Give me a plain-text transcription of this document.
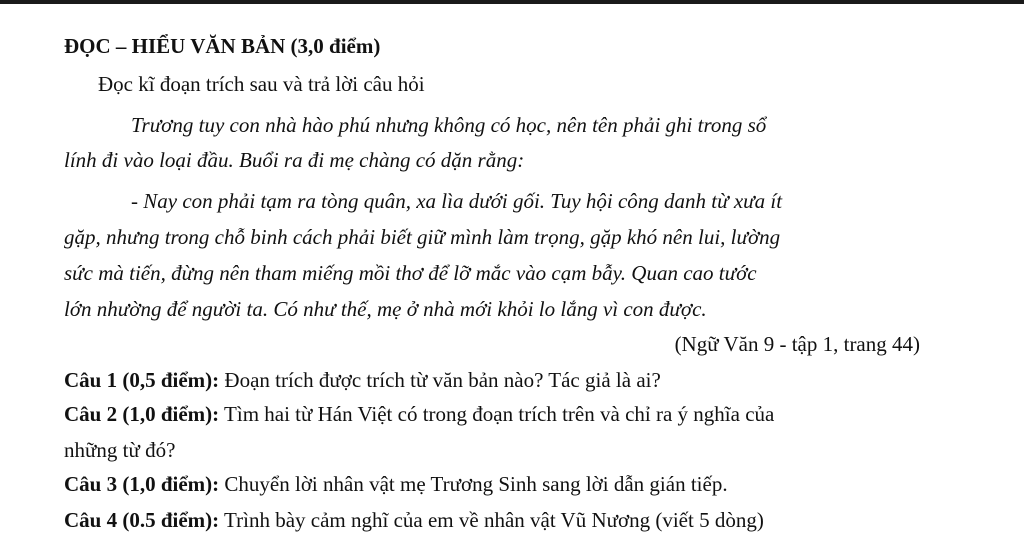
ĐỌC – HIỂU VĂN BẢN (3,0 điểm)
Đọc kĩ đoạn trích sau và trả lời câu hỏi
Trương tuy con nhà hào phú nhưng không có học, nên tên phải ghi trong sổ
lính đi vào loại đầu. Buổi ra đi mẹ chàng có dặn rằng:
- Nay con phải tạm ra tòng quân, xa lìa dưới gối. Tuy hội công danh từ xưa ít
gặp, nhưng trong chỗ binh cách phải biết giữ mình làm trọng, gặp khó nên lui, lường
sức mà tiến, đừng nên tham miếng mồi thơ để lỡ mắc vào cạm bẫy. Quan cao tước
lớn nhường để người ta. Có như thế, mẹ ở nhà mới khỏi lo lắng vì con được.
(Ngữ Văn 9 - tập 1, trang 44)
Câu 1 (0,5 điểm): Đoạn trích được trích từ văn bản nào? Tác giả là ai?
Câu 2 (1,0 điểm): Tìm hai từ Hán Việt có trong đoạn trích trên và chỉ ra ý nghĩa của
những từ đó?
Câu 3 (1,0 điểm): Chuyển lời nhân vật mẹ Trương Sinh sang lời dẫn gián tiếp.
Câu 4 (0.5 điểm): Trình bày cảm nghĩ của em về nhân vật Vũ Nương (viết 5 dòng)
